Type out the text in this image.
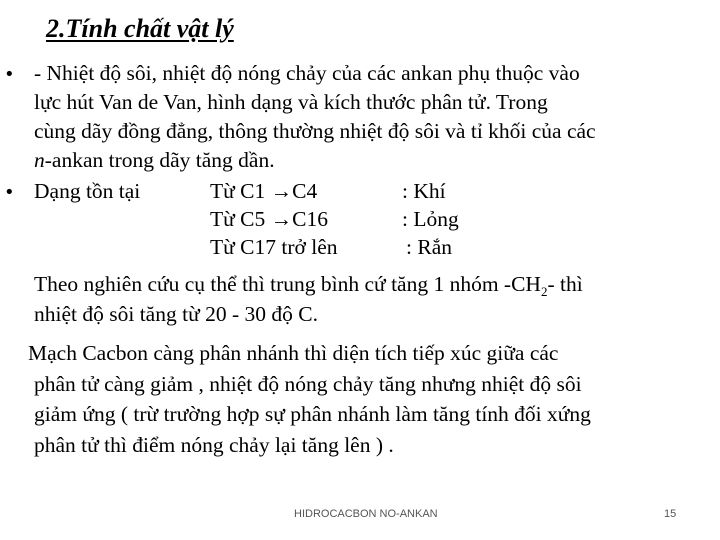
2.Tính chất vật lý
• - Nhiệt độ sôi, nhiệt độ nóng chảy của các ankan phụ thuộc vào
lực hút Van de Van, hình dạng và kích thước phân tử. Trong
cùng dãy đồng đẳng, thông thường nhiệt độ sôi và tỉ khối của các
n-ankan trong dãy tăng dần.
• Dạng tồn tại	Từ C1 →C4	: Khí
Từ C5 →C16	: Lỏng
Từ C17 trở lên	: Rắn
Theo nghiên cứu cụ thể thì trung bình cứ tăng 1 nhóm $-CH_2-$ thì
nhiệt độ sôi tăng từ 20 - 30 độ C.
Mạch Cacbon càng phân nhánh thì diện tích tiếp xúc giữa các
phân tử càng giảm , nhiệt độ nóng chảy tăng nhưng nhiệt độ sôi
giảm ứng ( trừ trường hợp sự phân nhánh làm tăng tính đối xứng
phân tử thì điểm nóng chảy lại tăng lên ) .
HIDROCACBON NO-ANKAN	15
